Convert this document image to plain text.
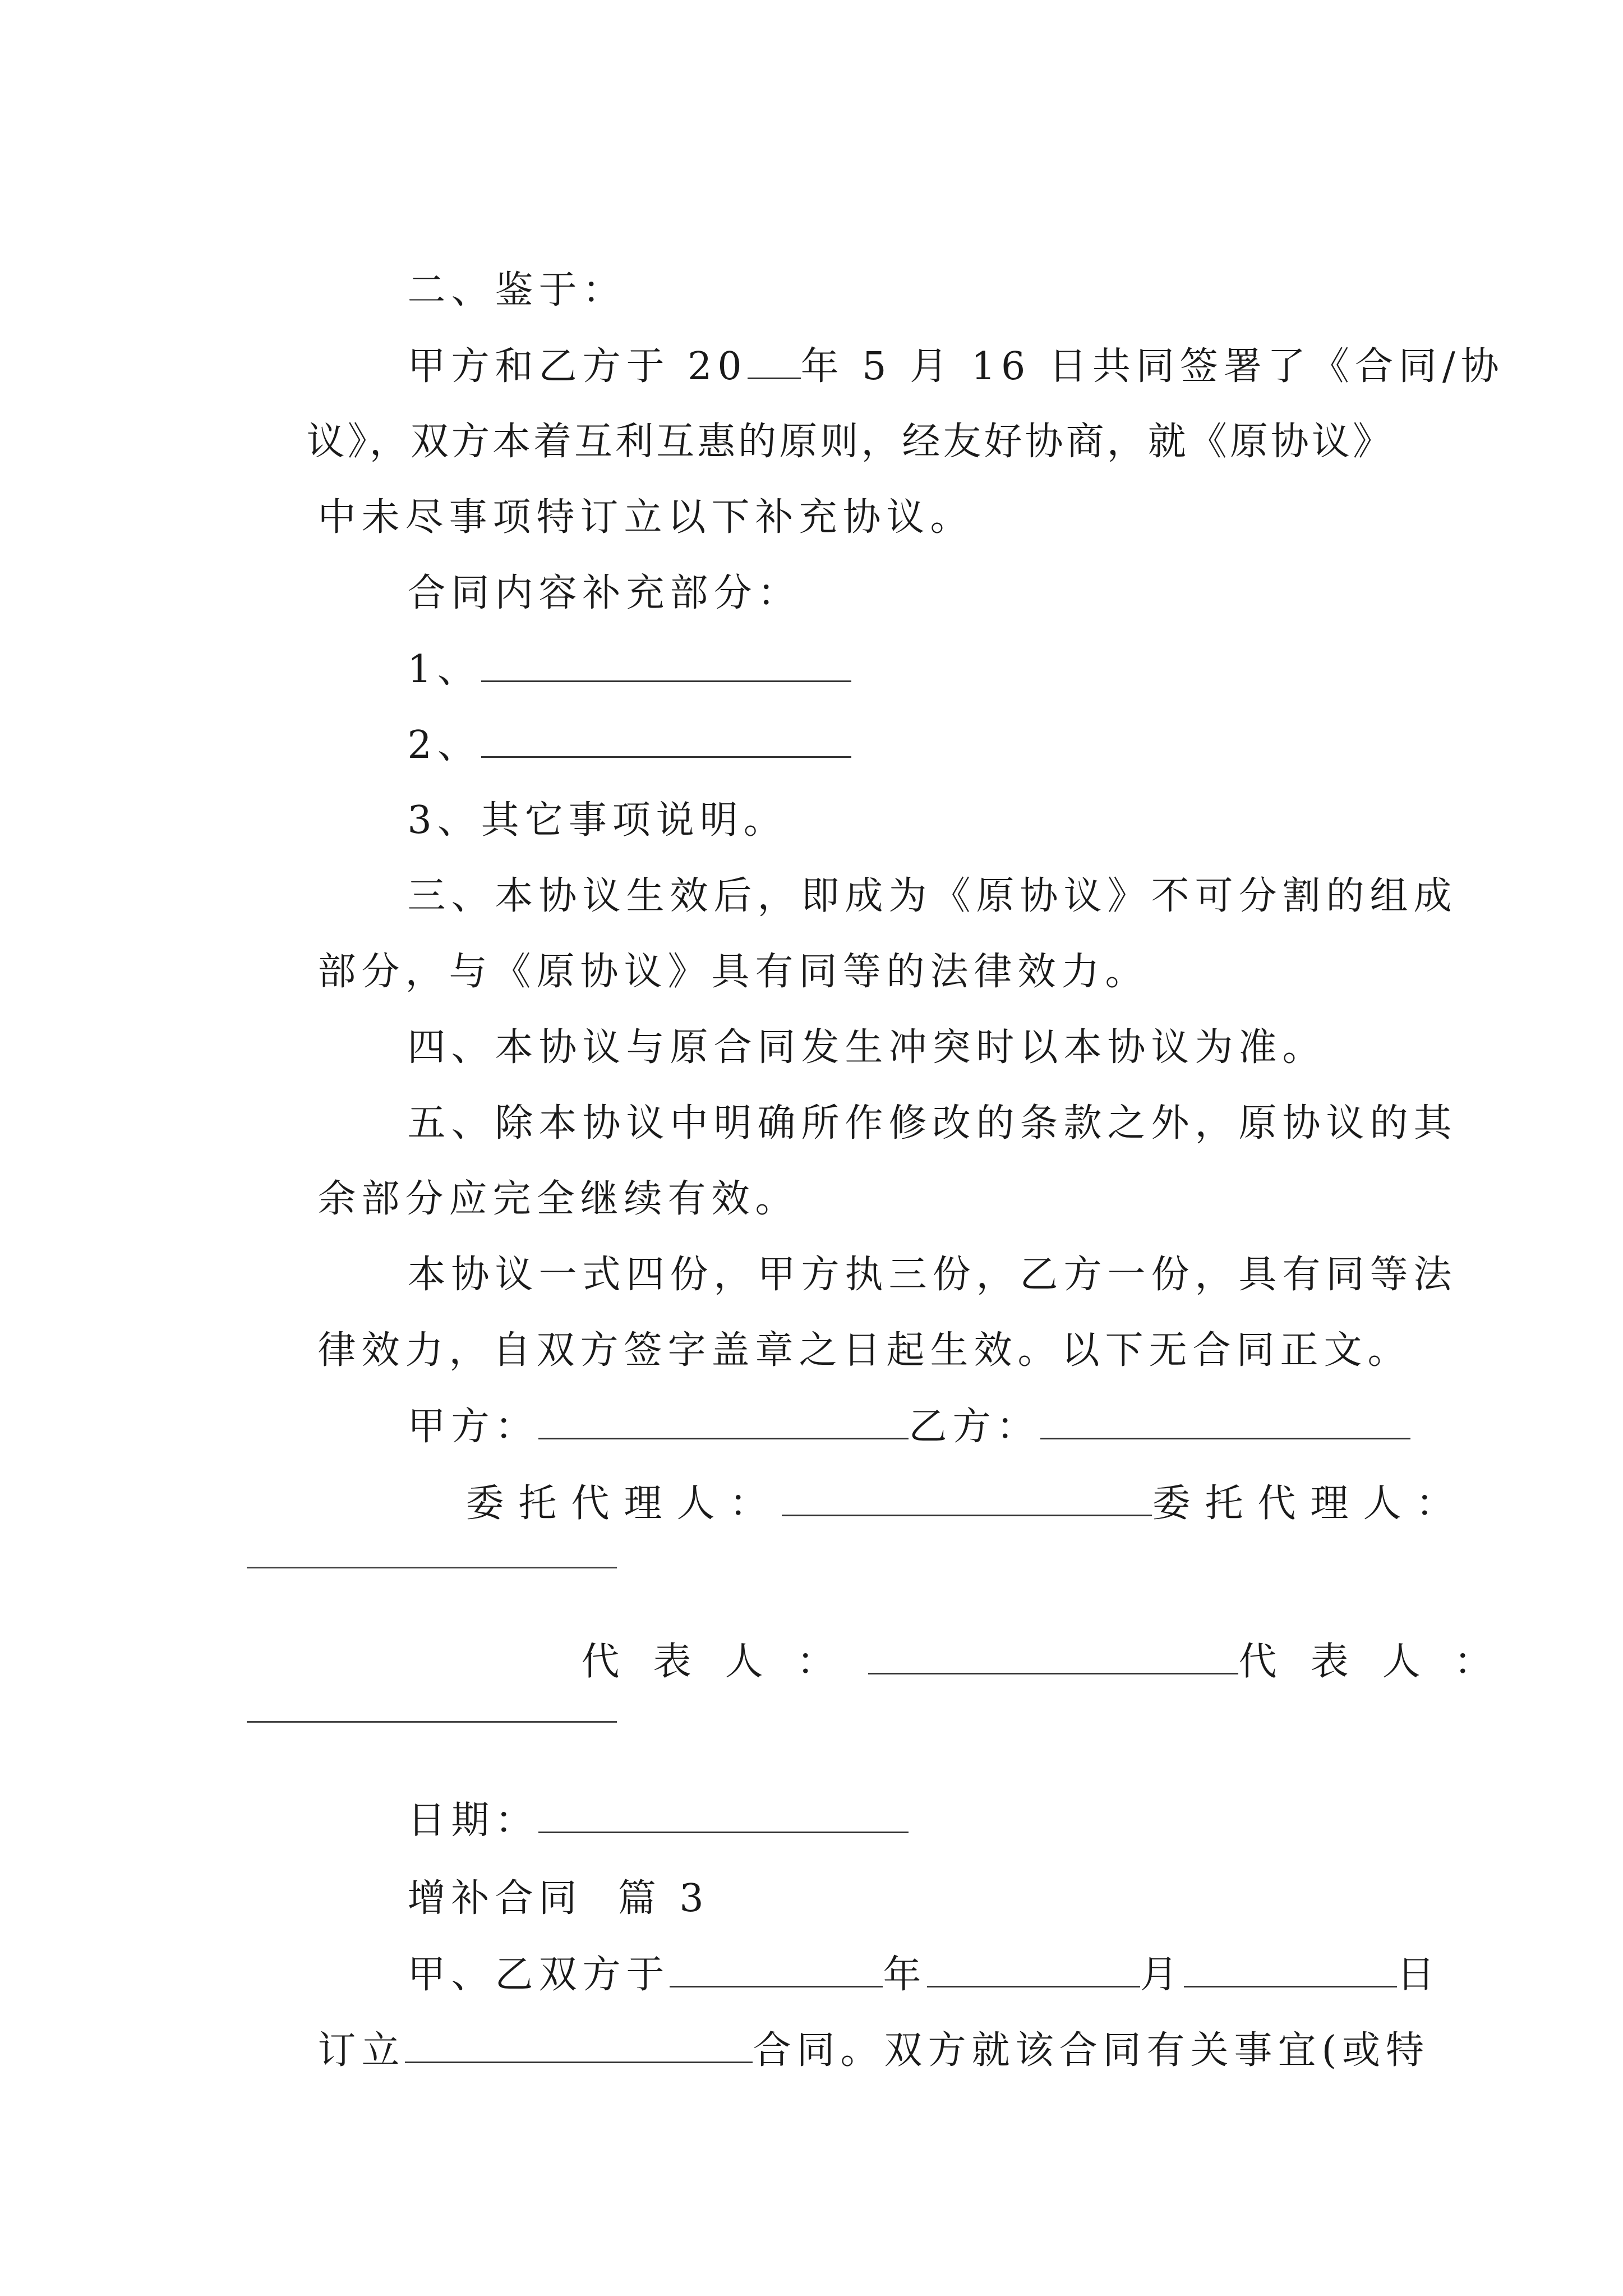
二、鉴于：

甲方和乙方于 20 年 5 月 16 日共同签署了《合同/协

议》，双方本着互利互惠的原则，经友好协商，就《原协议》

中未尽事项特订立以下补充协议。

合同内容补充部分：

1、

2、

3、其它事项说明。

三、本协议生效后，即成为《原协议》不可分割的组成

部分，与《原协议》具有同等的法律效力。

四、本协议与原合同发生冲突时以本协议为准。

五、除本协议中明确所作修改的条款之外，原协议的其

余部分应完全继续有效。

本协议一式四份，甲方执三份，乙方一份，具有同等法

律效力，自双方签字盖章之日起生效。以下无合同正文。

甲方：	乙方：

委托代理人：	委托代理人：

代表人：	代表人：

日期：

增补合同  篇 3

甲、乙双方于	年	月	日

订立	合同。双方就该合同有关事宜(或特
